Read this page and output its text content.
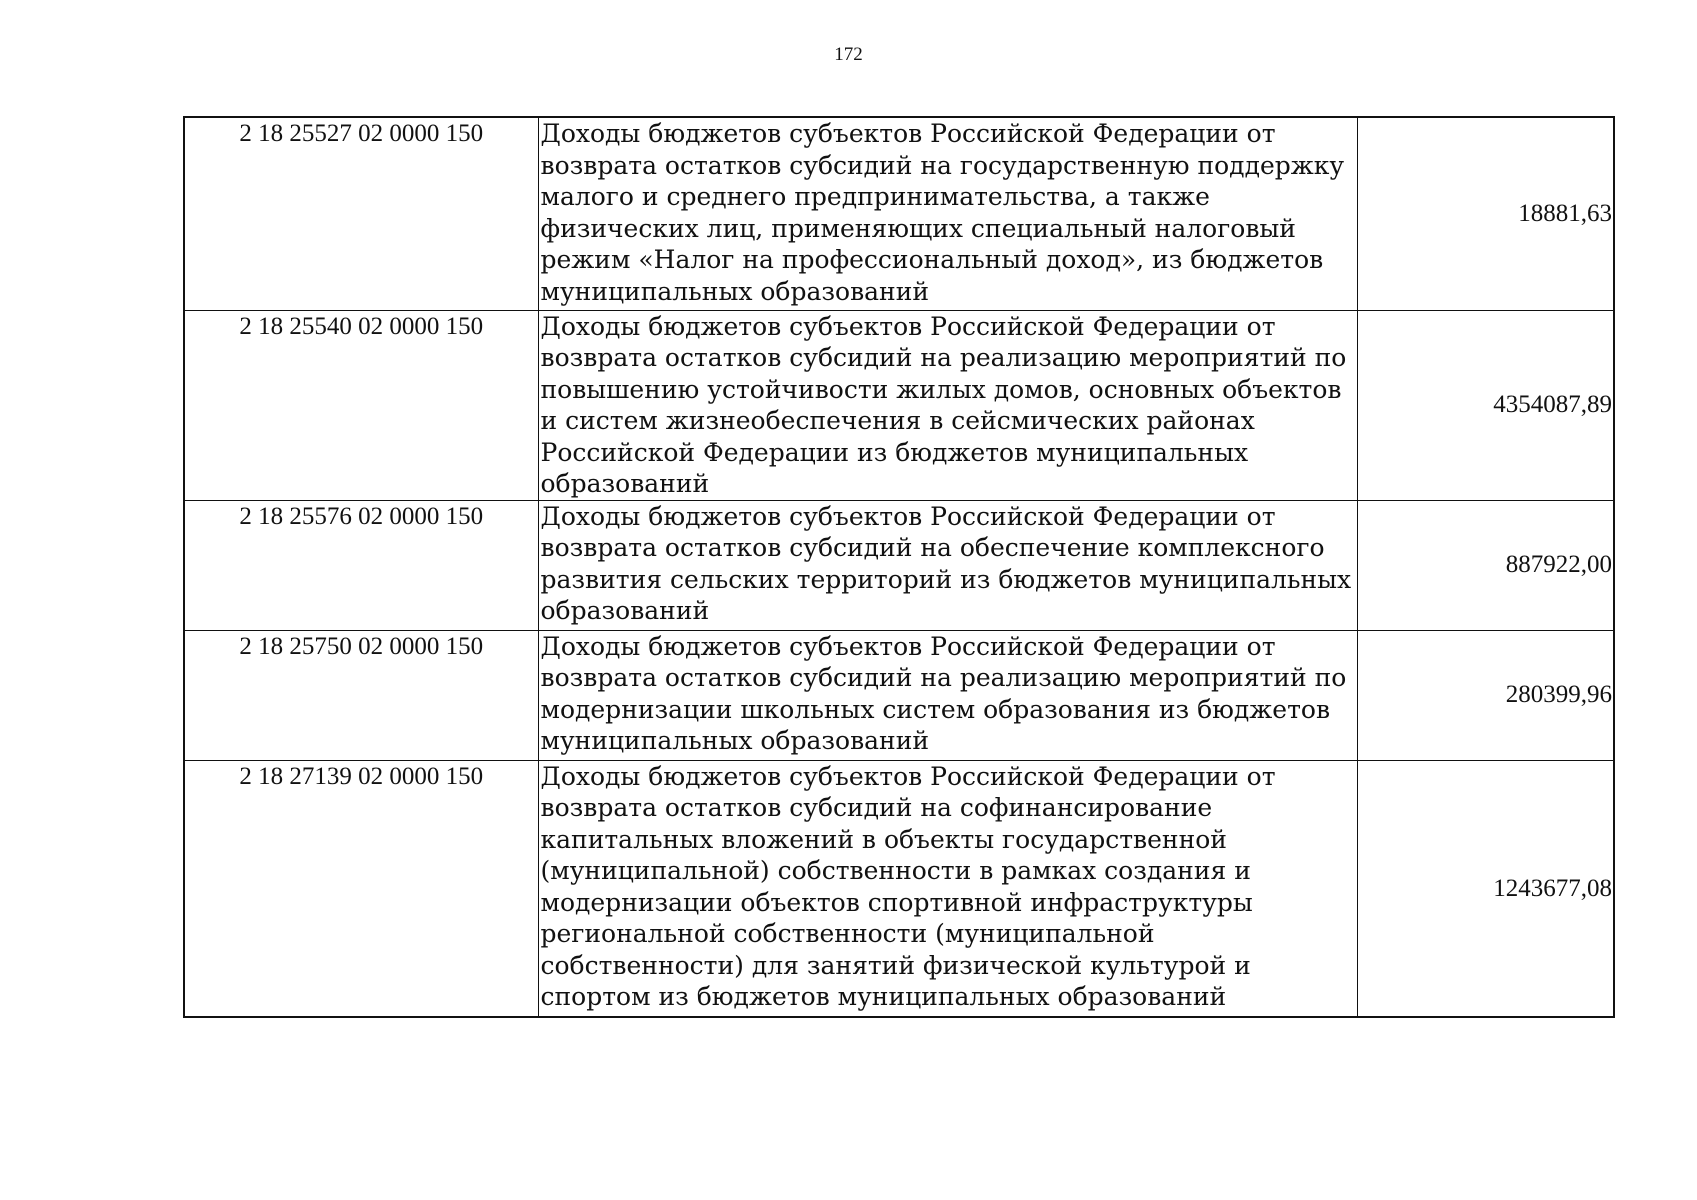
172
2 18 25527 02 0000 150	Доходы бюджетов субъектов Российской Федерации от возврата остатков субсидий на государственную поддержку малого и среднего предпринимательства, а также физических лиц, применяющих специальный налоговый режим «Налог на профессиональный доход», из бюджетов муниципальных образований	18881,63
2 18 25540 02 0000 150	Доходы бюджетов субъектов Российской Федерации от возврата остатков субсидий на реализацию мероприятий по повышению устойчивости жилых домов, основных объектов и систем жизнеобеспечения в сейсмических районах Российской Федерации из бюджетов муниципальных образований	4354087,89
2 18 25576 02 0000 150	Доходы бюджетов субъектов Российской Федерации от возврата остатков субсидий на обеспечение комплексного развития сельских территорий из бюджетов муниципальных образований	887922,00
2 18 25750 02 0000 150	Доходы бюджетов субъектов Российской Федерации от возврата остатков субсидий на реализацию мероприятий по модернизации школьных систем образования из бюджетов муниципальных образований	280399,96
2 18 27139 02 0000 150	Доходы бюджетов субъектов Российской Федерации от возврата остатков субсидий на софинансирование капитальных вложений в объекты государственной (муниципальной) собственности в рамках создания и модернизации объектов спортивной инфраструктуры региональной собственности (муниципальной собственности) для занятий физической культурой и спортом из бюджетов муниципальных образований	1243677,08
